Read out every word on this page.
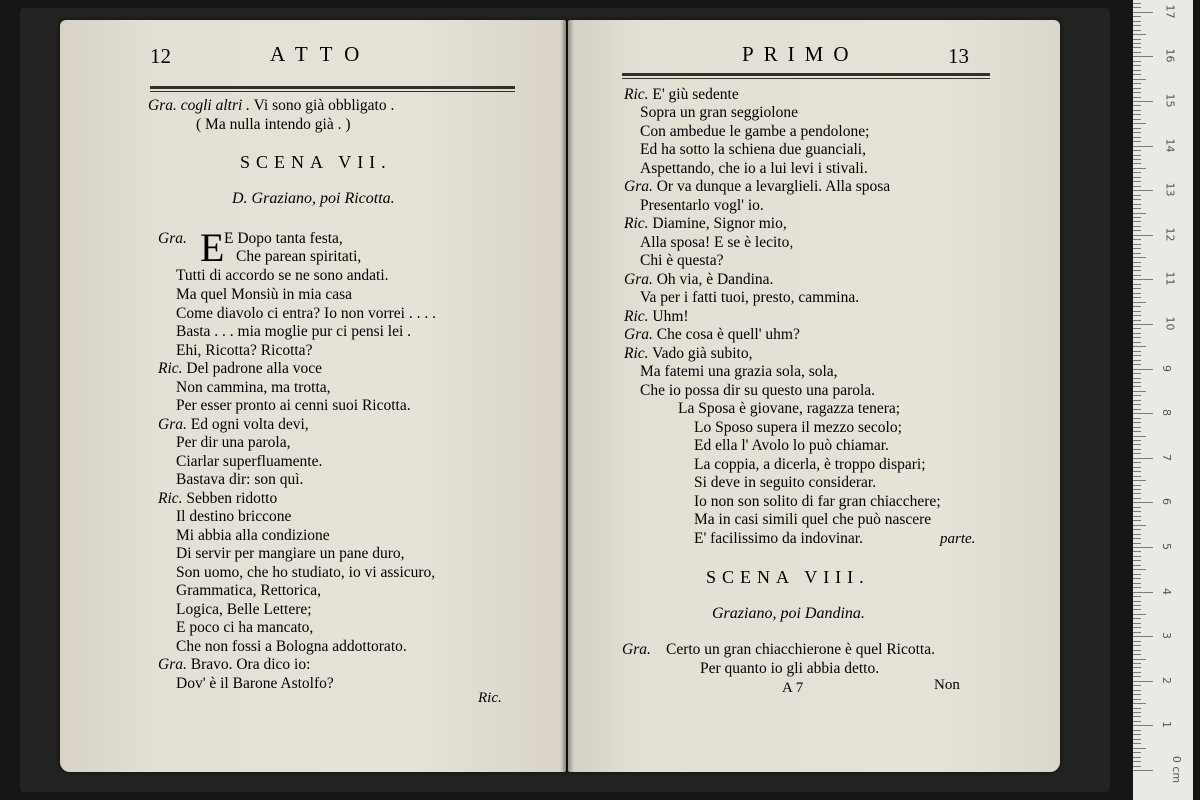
12	ATTO
Gra. cogli altri . Vi sono già obbligato .
( Ma nulla intendo già . )
SCENA VII.
D. Graziano, poi Ricotta.
Gra. E E Dopo tanta festa,
Che parean spiritati,
Tutti di accordo se ne sono andati.
Ma quel Monsiù in mia casa
Come diavolo ci entra? Io non vorrei . . . .
Basta . . . mia moglie pur ci pensi lei .
Ehi, Ricotta? Ricotta?
Ric. Del padrone alla voce
Non cammina, ma trotta,
Per esser pronto ai cenni suoi Ricotta.
Gra. Ed ogni volta devi,
Per dir una parola,
Ciarlar superfluamente.
Bastava dir: son quì.
Ric. Sebben ridotto
Il destino briccone
Mi abbia alla condizione
Di servir per mangiare un pane duro,
Son uomo, che ho studiato, io vi assicuro,
Grammatica, Rettorica,
Logica, Belle Lettere;
E poco ci ha mancato,
Che non fossi a Bologna addottorato.
Gra. Bravo. Ora dico io:
Dov' è il Barone Astolfo?
Ric.
PRIMO	13
Ric. E' giù sedente
Sopra un gran seggiolone
Con ambedue le gambe a pendolone;
Ed ha sotto la schiena due guanciali,
Aspettando, che io a lui levi i stivali.
Gra. Or va dunque a levarglieli. Alla sposa
Presentarlo vogl' io.
Ric. Diamine, Signor mio,
Alla sposa! E se è lecito,
Chi è questa?
Gra. Oh via, è Dandina.
Va per i fatti tuoi, presto, cammina.
Ric. Uhm!
Gra. Che cosa è quell' uhm?
Ric. Vado già subito,
Ma fatemi una grazia sola, sola,
Che io possa dir su questo una parola.
La Sposa è giovane, ragazza tenera;
Lo Sposo supera il mezzo secolo;
Ed ella l' Avolo lo può chiamar.
La coppia, a dicerla, è troppo dispari;
Si deve in seguito considerar.
Io non son solito di far gran chiacchere;
Ma in casi simili quel che può nascere
E' facilissimo da indovinar.	parte.
SCENA VIII.
Graziano, poi Dandina.
Gra. Certo un gran chiacchierone è quel Ricotta.
Per quanto io gli abbia detto.
A 7	Non
0 cm
1
2
3
4
5
6
7
8
9
10
11
12
13
14
15
16
17
